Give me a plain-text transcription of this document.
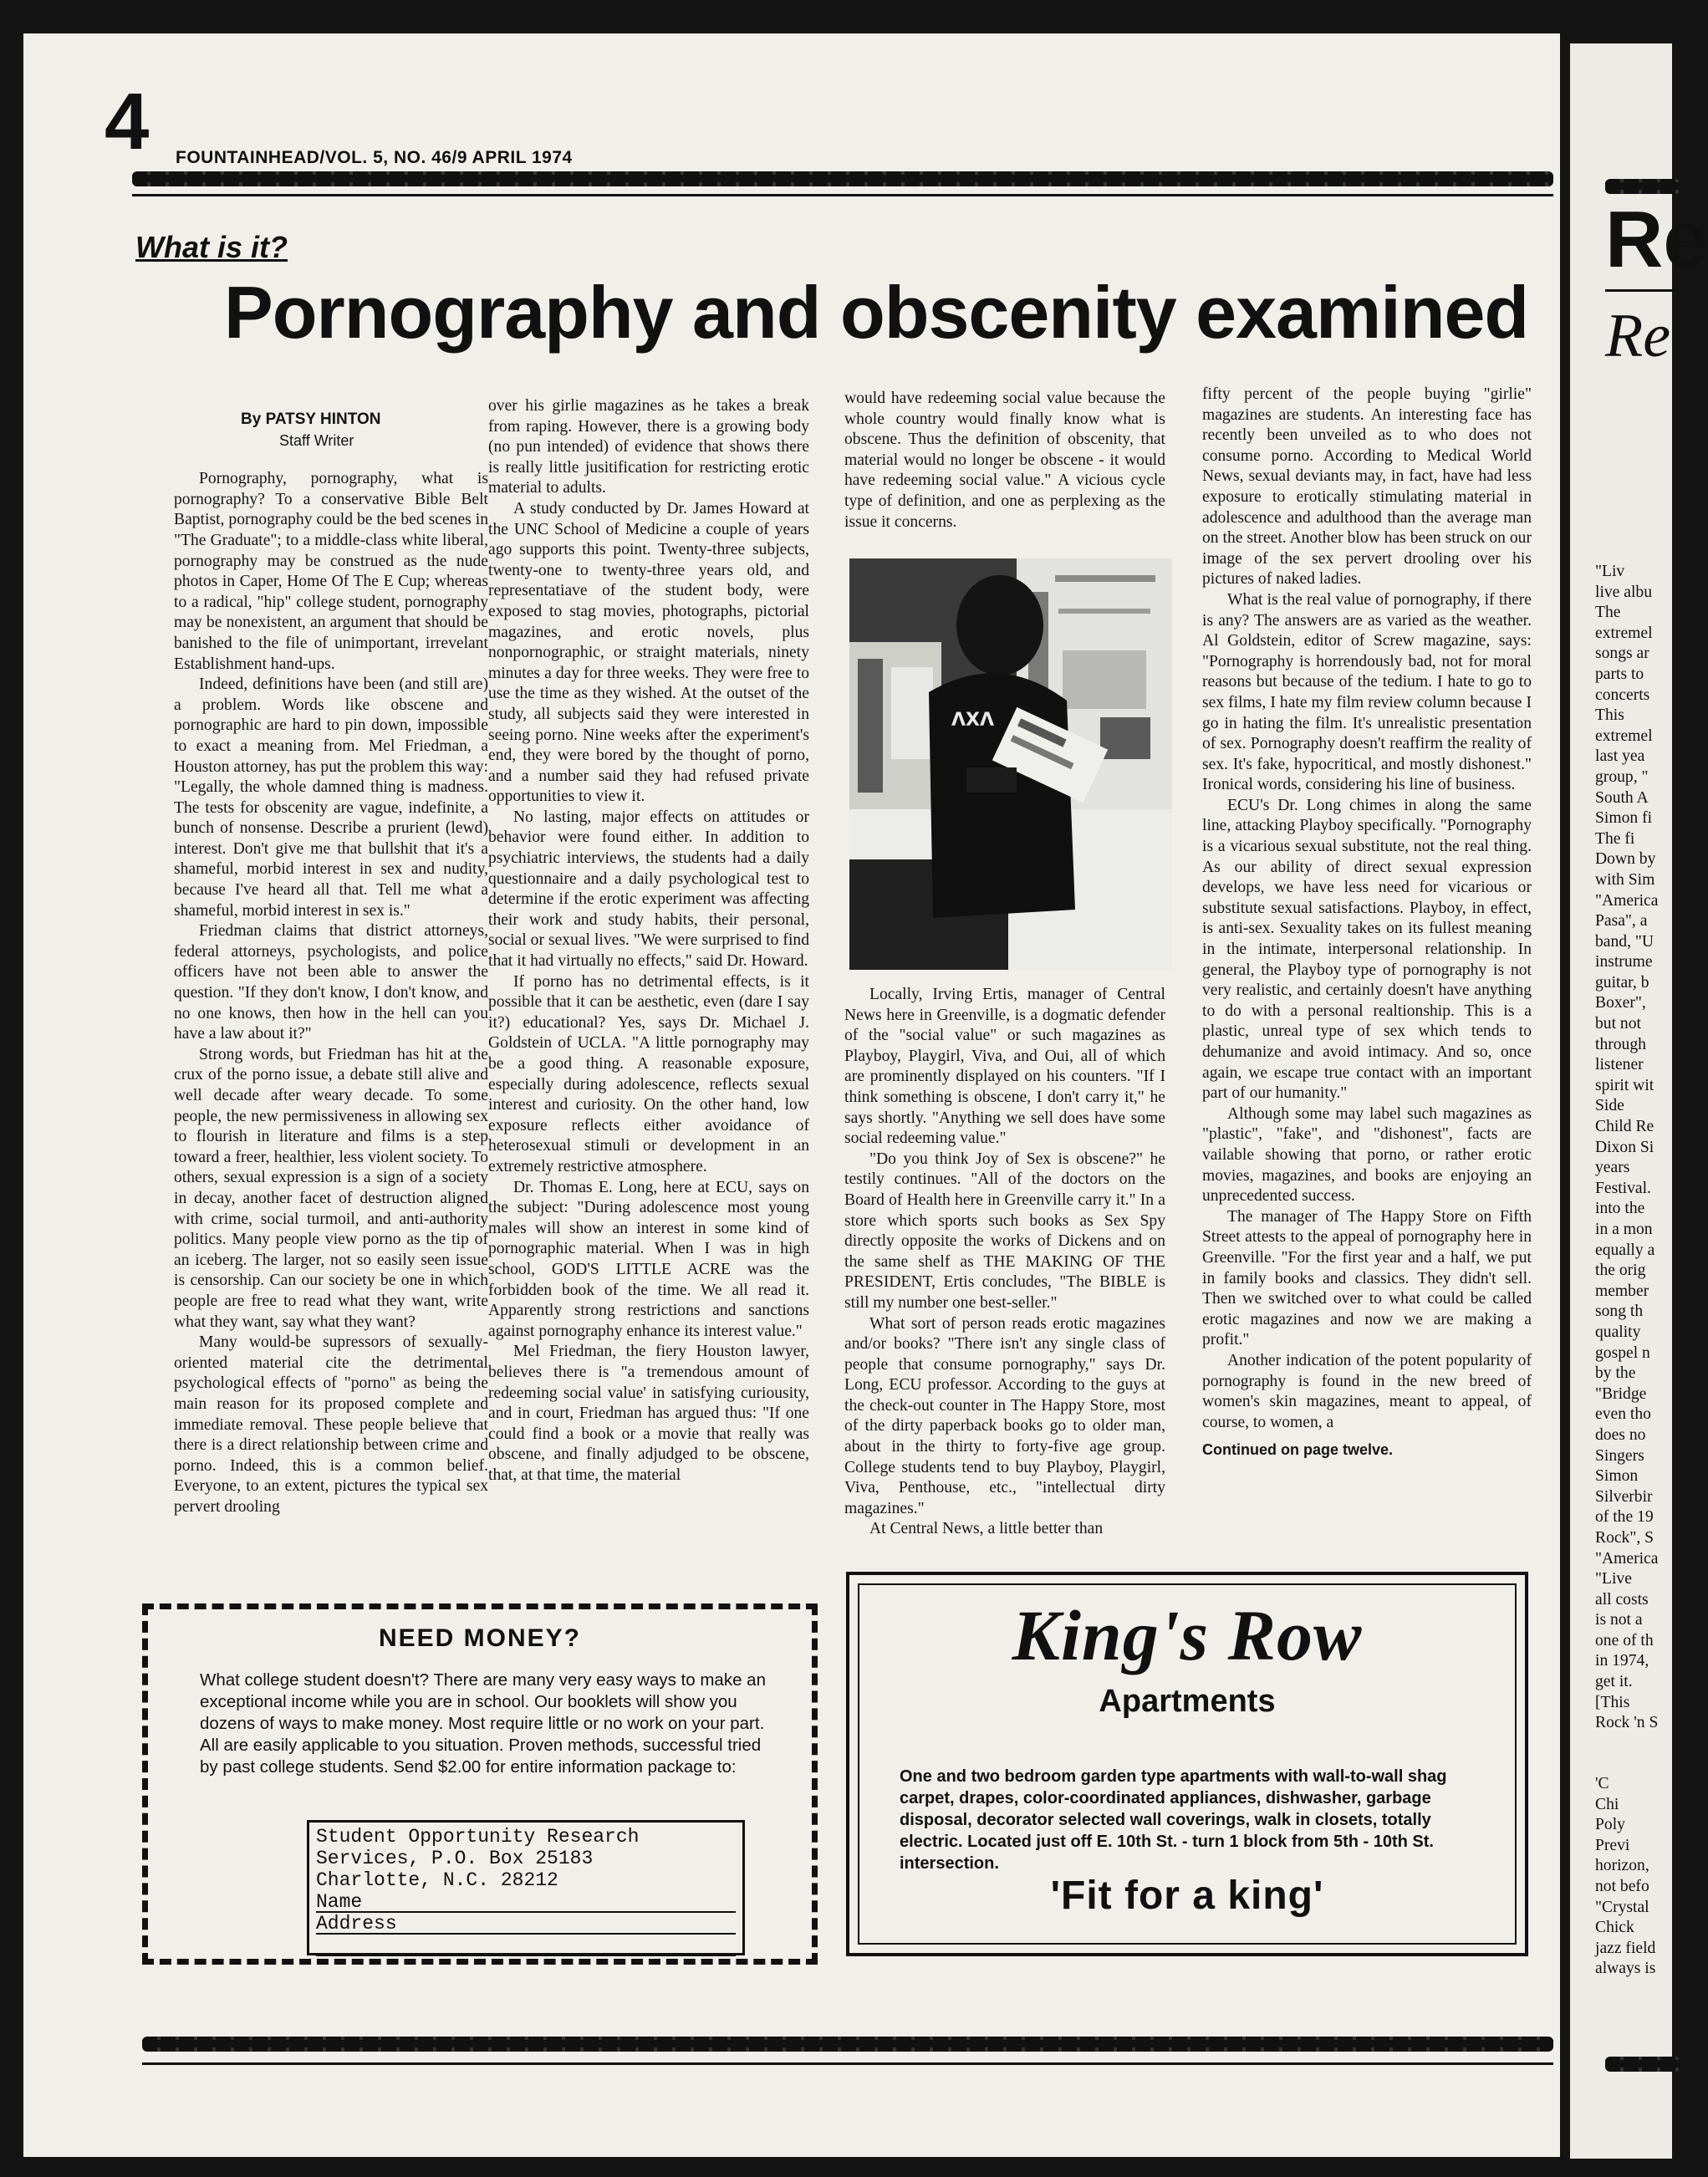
4 FOUNTAINHEAD/VOL. 5, NO. 46/9 APRIL 1974
What is it?
Pornography and obscenity examined

By PATSY HINTON

Staff Writer

Pornography, pornography, what is pornography? To a conservative Bible Belt Baptist, pornography could be the bed scenes in "The Graduate"; to a middle-class white liberal, pornography may be construed as the nude photos in Caper, Home Of The E Cup; whereas to a radical, "hip" college student, pornography may be nonexistent, an argument that should be banished to the file of unimportant, irrevelant Establishment hand-ups.

Indeed, definitions have been (and still are) a problem. Words like obscene and pornographic are hard to pin down, impossible to exact a meaning from. Mel Friedman, a Houston attorney, has put the problem this way: "Legally, the whole damned thing is madness. The tests for obscenity are vague, indefinite, a bunch of nonsense. Describe a prurient (lewd) interest. Don't give me that bullshit that it's a shameful, morbid interest in sex and nudity, because I've heard all that. Tell me what a shameful, morbid interest in sex is."

Friedman claims that district attorneys, federal attorneys, psychologists, and police officers have not been able to answer the question. "If they don't know, I don't know, and no one knows, then how in the hell can you have a law about it?"

Strong words, but Friedman has hit at the crux of the porno issue, a debate still alive and well decade after weary decade. To some people, the new permissiveness in allowing sex to flourish in literature and films is a step toward a freer, healthier, less violent society. To others, sexual expression is a sign of a society in decay, another facet of destruction aligned with crime, social turmoil, and anti-authority politics. Many people view porno as the tip of an iceberg. The larger, not so easily seen issue is censorship. Can our society be one in which people are free to read what they want, write what they want, say what they want?

Many would-be supressors of sexually-oriented material cite the detrimental psychological effects of "porno" as being the main reason for its proposed complete and immediate removal. These people believe that there is a direct relationship between crime and porno. Indeed, this is a common belief. Everyone, to an extent, pictures the typical sex pervert drooling

over his girlie magazines as he takes a break from raping. However, there is a growing body (no pun intended) of evidence that shows there is really little jusitification for restricting erotic material to adults.

A study conducted by Dr. James Howard at the UNC School of Medicine a couple of years ago supports this point. Twenty-three subjects, twenty-one to twenty-three years old, and representatiave of the student body, were exposed to stag movies, photographs, pictorial magazines, and erotic novels, plus nonpornographic, or straight materials, ninety minutes a day for three weeks. They were free to use the time as they wished. At the outset of the study, all subjects said they were interested in seeing porno. Nine weeks after the experiment's end, they were bored by the thought of porno, and a number said they had refused private opportunities to view it.

No lasting, major effects on attitudes or behavior were found either. In addition to psychiatric interviews, the students had a daily questionnaire and a daily psychological test to determine if the erotic experiment was affecting their work and study habits, their personal, social or sexual lives. "We were surprised to find that it had virtually no effects," said Dr. Howard.

If porno has no detrimental effects, is it possible that it can be aesthetic, even (dare I say it?) educational? Yes, says Dr. Michael J. Goldstein of UCLA. "A little pornography may be a good thing. A reasonable exposure, especially during adolescence, reflects sexual interest and curiosity. On the other hand, low exposure reflects either avoidance of heterosexual stimuli or development in an extremely restrictive atmosphere.

Dr. Thomas E. Long, here at ECU, says on the subject: "During adolescence most young males will show an interest in some kind of pornographic material. When I was in high school, GOD'S LITTLE ACRE was the forbidden book of the time. We all read it. Apparently strong restrictions and sanctions against pornography enhance its interest value."

Mel Friedman, the fiery Houston lawyer, believes there is "a tremendous amount of redeeming social value' in satisfying curiousity, and in court, Friedman has argued thus: "If one could find a book or a movie that really was obscene, and finally adjudged to be obscene, that, at that time, the material

would have redeeming social value because the whole country would finally know what is obscene. Thus the definition of obscenity, that material would no longer be obscene - it would have redeeming social value." A vicious cycle type of definition, and one as perplexing as the issue it concerns.

ΛΧΛ

Locally, Irving Ertis, manager of Central News here in Greenville, is a dogmatic defender of the "social value" or such magazines as Playboy, Playgirl, Viva, and Oui, all of which are prominently displayed on his counters. "If I think something is obscene, I don't carry it," he says shortly. "Anything we sell does have some social redeeming value."

"Do you think Joy of Sex is obscene?" he testily continues. "All of the doctors on the Board of Health here in Greenville carry it." In a store which sports such books as Sex Spy directly opposite the works of Dickens and on the same shelf as THE MAKING OF THE PRESIDENT, Ertis concludes, "The BIBLE is still my number one best-seller."

What sort of person reads erotic magazines and/or books? "There isn't any single class of people that consume pornography," says Dr. Long, ECU professor. According to the guys at the check-out counter in The Happy Store, most of the dirty paperback books go to older man, about in the thirty to forty-five age group. College students tend to buy Playboy, Playgirl, Viva, Penthouse, etc., "intellectual dirty magazines."

At Central News, a little better than

fifty percent of the people buying "girlie" magazines are students. An interesting face has recently been unveiled as to who does not consume porno. According to Medical World News, sexual deviants may, in fact, have had less exposure to erotically stimulating material in adolescence and adulthood than the average man on the street. Another blow has been struck on our image of the sex pervert drooling over his pictures of naked ladies.

What is the real value of pornography, if there is any? The answers are as varied as the weather. Al Goldstein, editor of Screw magazine, says: "Pornography is horrendously bad, not for moral reasons but because of the tedium. I hate to go to sex films, I hate my film review column because I go in hating the film. It's unrealistic presentation of sex. Pornography doesn't reaffirm the reality of sex. It's fake, hypocritical, and mostly dishonest." Ironical words, considering his line of business.

ECU's Dr. Long chimes in along the same line, attacking Playboy specifically. "Pornography is a vicarious sexual substitute, not the real thing. As our ability of direct sexual expression develops, we have less need for vicarious or substitute sexual satisfactions. Playboy, in effect, is anti-sex. Sexuality takes on its fullest meaning in the intimate, interpersonal relationship. In general, the Playboy type of pornography is not very realistic, and certainly doesn't have anything to do with a personal realtionship. This is a plastic, unreal type of sex which tends to dehumanize and avoid intimacy. And so, once again, we escape true contact with an important part of our humanity."

Although some may label such magazines as "plastic", "fake", and "dishonest", facts are vailable showing that porno, or rather erotic movies, magazines, and books are enjoying an unprecedented success.

The manager of The Happy Store on Fifth Street attests to the appeal of pornography here in Greenville. "For the first year and a half, we put in family books and classics. They didn't sell. Then we switched over to what could be called erotic magazines and now we are making a profit."

Another indication of the potent popularity of pornography is found in the new breed of women's skin magazines, meant to appeal, of course, to women, a

Continued on page twelve.

NEED MONEY?
What college student doesn't? There are many very easy ways to make an exceptional income while you are in school. Our booklets will show you dozens of ways to make money. Most require little or no work on your part. All are easily applicable to you situation. Proven methods, successful tried by past college students. Send $2.00 for entire information package to:
Student Opportunity Research
Services, P.O. Box 25183
Charlotte, N.C. 28212
Name
Address
King's Row
Apartments
One and two bedroom garden type apartments with wall-to-wall shag carpet, drapes, color-coordinated appliances, dishwasher, garbage disposal, decorator selected wall coverings, walk in closets, totally electric. Located just off E. 10th St. - turn 1 block from 5th - 10th St. intersection.
'Fit for a king'
Re
Re
"Liv
live albu
The
extremel
songs ar
parts to
concerts
This
extremel
last yea
group, "
South A
Simon fi
The fi
Down by
with Sim
"America
Pasa", a
band, "U
instrume
guitar, b
Boxer",
but not
through
listener
spirit wit
Side
Child Re
Dixon Si
years
Festival.
into the
in a mon
equally a
the orig
member
song th
quality
gospel n
by the
"Bridge
even tho
does no
Singers
Simon
Silverbir
of the 19
Rock", S
"America
"Live
all costs
is not a
one of th
in 1974,
get it.
[This
Rock 'n S
'C
Chi
Poly
Previ
horizon,
not befo
"Crystal
Chick
jazz field
always is
